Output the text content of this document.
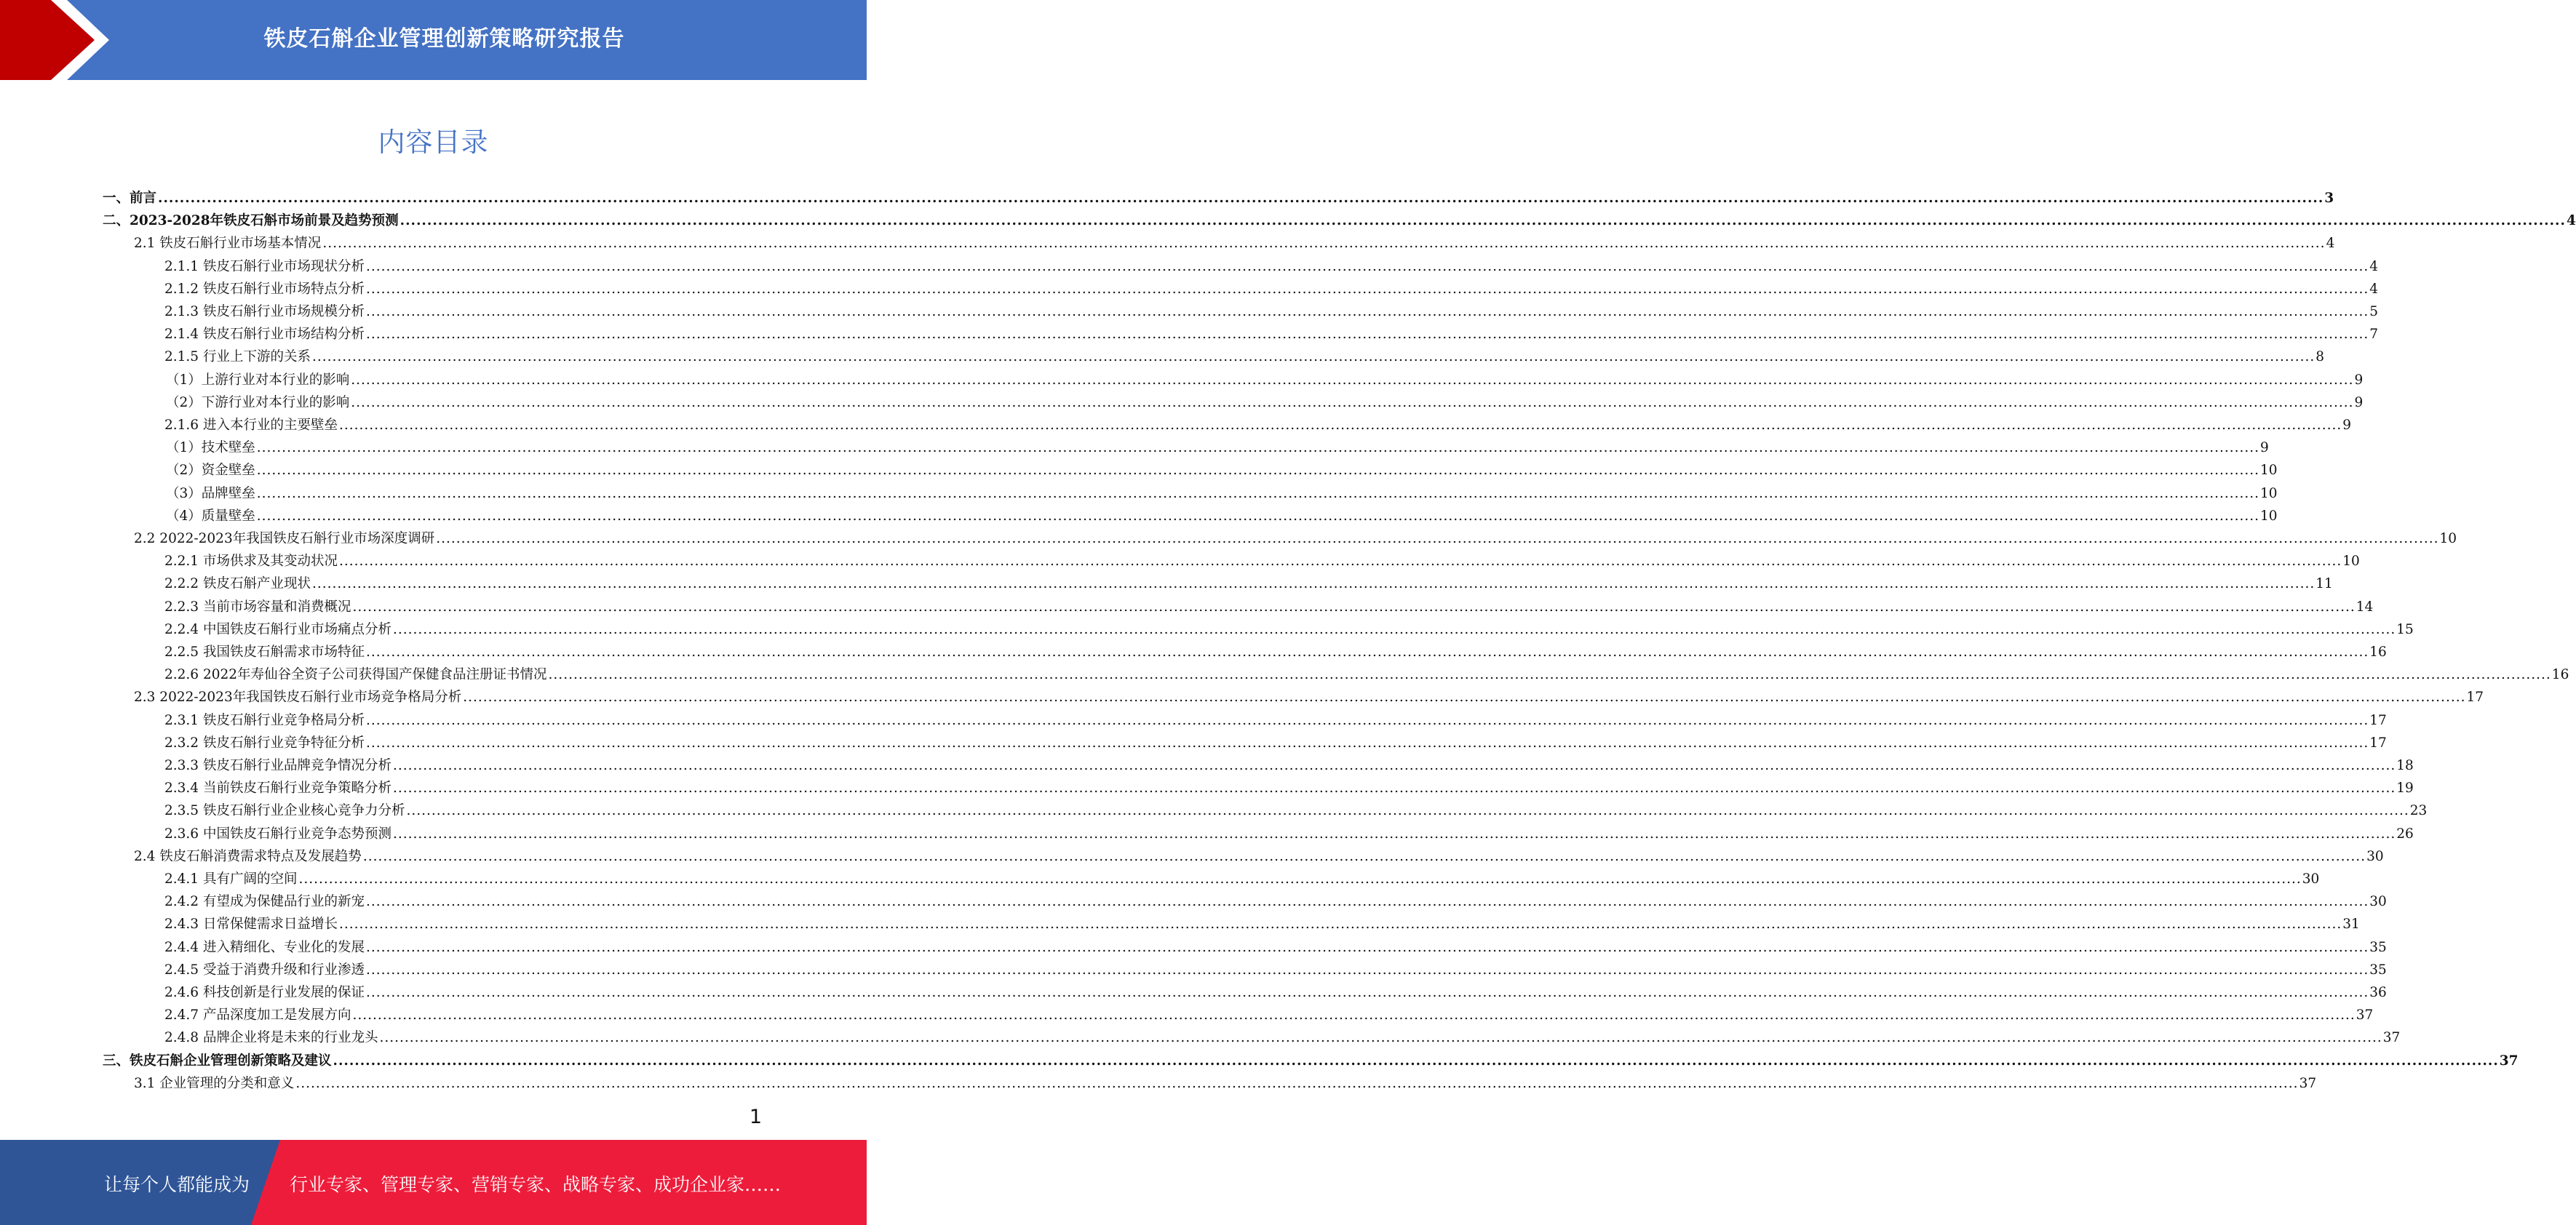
铁皮石斛企业管理创新策略研究报告
内容目录
一、前言 ................................................................................................................................................................................................................................................................................................................................................................................................................ 3
二、2023-2028年铁皮石斛市场前景及趋势预测 ................................................................................................................................................................................................................................................................................................................................................................................................................ 4
2.1 铁皮石斛行业市场基本情况 ................................................................................................................................................................................................................................................................................................................................................................................................................ 4
2.1.1 铁皮石斛行业市场现状分析 ................................................................................................................................................................................................................................................................................................................................................................................................................ 4
2.1.2 铁皮石斛行业市场特点分析 ................................................................................................................................................................................................................................................................................................................................................................................................................ 4
2.1.3 铁皮石斛行业市场规模分析 ................................................................................................................................................................................................................................................................................................................................................................................................................ 5
2.1.4 铁皮石斛行业市场结构分析 ................................................................................................................................................................................................................................................................................................................................................................................................................ 7
2.1.5 行业上下游的关系 ................................................................................................................................................................................................................................................................................................................................................................................................................ 8
（1）上游行业对本行业的影响 ................................................................................................................................................................................................................................................................................................................................................................................................................ 9
（2）下游行业对本行业的影响 ................................................................................................................................................................................................................................................................................................................................................................................................................ 9
2.1.6 进入本行业的主要壁垒 ................................................................................................................................................................................................................................................................................................................................................................................................................ 9
（1）技术壁垒 ................................................................................................................................................................................................................................................................................................................................................................................................................ 9
（2）资金壁垒 ................................................................................................................................................................................................................................................................................................................................................................................................................ 10
（3）品牌壁垒 ................................................................................................................................................................................................................................................................................................................................................................................................................ 10
（4）质量壁垒 ................................................................................................................................................................................................................................................................................................................................................................................................................ 10
2.2 2022-2023年我国铁皮石斛行业市场深度调研 ................................................................................................................................................................................................................................................................................................................................................................................................................ 10
2.2.1 市场供求及其变动状况 ................................................................................................................................................................................................................................................................................................................................................................................................................ 10
2.2.2 铁皮石斛产业现状 ................................................................................................................................................................................................................................................................................................................................................................................................................ 11
2.2.3 当前市场容量和消费概况 ................................................................................................................................................................................................................................................................................................................................................................................................................ 14
2.2.4 中国铁皮石斛行业市场痛点分析 ................................................................................................................................................................................................................................................................................................................................................................................................................ 15
2.2.5 我国铁皮石斛需求市场特征 ................................................................................................................................................................................................................................................................................................................................................................................................................ 16
2.2.6 2022年寿仙谷全资子公司获得国产保健食品注册证书情况 ................................................................................................................................................................................................................................................................................................................................................................................................................ 16
2.3 2022-2023年我国铁皮石斛行业市场竞争格局分析 ................................................................................................................................................................................................................................................................................................................................................................................................................ 17
2.3.1 铁皮石斛行业竞争格局分析 ................................................................................................................................................................................................................................................................................................................................................................................................................ 17
2.3.2 铁皮石斛行业竞争特征分析 ................................................................................................................................................................................................................................................................................................................................................................................................................ 17
2.3.3 铁皮石斛行业品牌竞争情况分析 ................................................................................................................................................................................................................................................................................................................................................................................................................ 18
2.3.4 当前铁皮石斛行业竞争策略分析 ................................................................................................................................................................................................................................................................................................................................................................................................................ 19
2.3.5 铁皮石斛行业企业核心竞争力分析 ................................................................................................................................................................................................................................................................................................................................................................................................................ 23
2.3.6 中国铁皮石斛行业竞争态势预测 ................................................................................................................................................................................................................................................................................................................................................................................................................ 26
2.4 铁皮石斛消费需求特点及发展趋势 ................................................................................................................................................................................................................................................................................................................................................................................................................ 30
2.4.1 具有广阔的空间 ................................................................................................................................................................................................................................................................................................................................................................................................................ 30
2.4.2 有望成为保健品行业的新宠 ................................................................................................................................................................................................................................................................................................................................................................................................................ 30
2.4.3 日常保健需求日益增长 ................................................................................................................................................................................................................................................................................................................................................................................................................ 31
2.4.4 进入精细化、专业化的发展 ................................................................................................................................................................................................................................................................................................................................................................................................................ 35
2.4.5 受益于消费升级和行业渗透 ................................................................................................................................................................................................................................................................................................................................................................................................................ 35
2.4.6 科技创新是行业发展的保证 ................................................................................................................................................................................................................................................................................................................................................................................................................ 36
2.4.7 产品深度加工是发展方向 ................................................................................................................................................................................................................................................................................................................................................................................................................ 37
2.4.8 品牌企业将是未来的行业龙头 ................................................................................................................................................................................................................................................................................................................................................................................................................ 37
三、铁皮石斛企业管理创新策略及建议 ................................................................................................................................................................................................................................................................................................................................................................................................................ 37
3.1 企业管理的分类和意义 ................................................................................................................................................................................................................................................................................................................................................................................................................ 37
1
让每个人都能成为 行业专家、管理专家、营销专家、战略专家、成功企业家……
